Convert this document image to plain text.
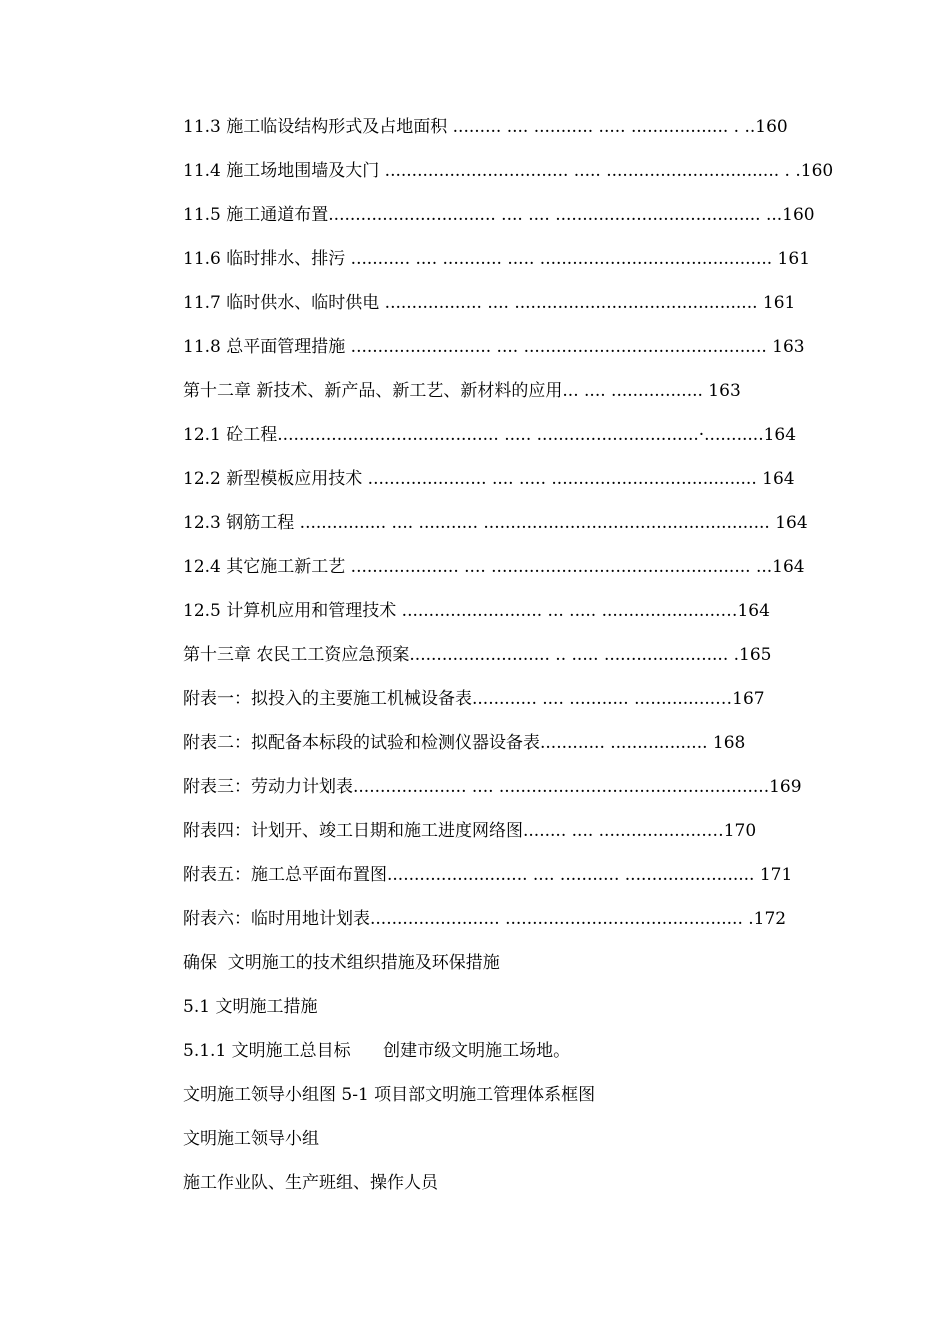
11.3 施工临设结构形式及占地面积 ......... .... ........... ..... .................. . ..160
11.4 施工场地围墙及大门 .................................. ..... ................................ . .160
11.5 施工通道布置............................... .... .... ...................................... ...160
11.6 临时排水、排污 ........... .... ........... ..... ........................................... 161
11.7 临时供水、临时供电 .................. .... ............................................. 161
11.8 总平面管理措施 .......................... .... ............................................. 163
第十二章 新技术、新产品、新工艺、新材料的应用... .... ................. 163
12.1 砼工程......................................... ..... ..............................·...........164
12.2 新型模板应用技术 ...................... .... ..... ...................................... 164
12.3 钢筋工程 ................ .... ........... ..................................................... 164
12.4 其它施工新工艺 .................... .... ................................................ ...164
12.5 计算机应用和管理技术 .......................... ... ..... ......................…164
第十三章 农民工工资应急预案.......................... .. ..... ....................... .165
附表一：拟投入的主要施工机械设备表............ .... ........... ...............…167
附表二：拟配备本标段的试验和检测仪器设备表............ .................. 168
附表三：劳动力计划表..................... .... ..................................................169
附表四：计划开、竣工日期和施工进度网络图........ .... ....................…170
附表五：施工总平面布置图.......................... .... ........... ........................ 171
附表六：临时用地计划表........................ ............................................ .172
确保  文明施工的技术组织措施及环保措施
5.1 文明施工措施
5.1.1 文明施工总目标      创建市级文明施工场地。
文明施工领导小组图 5-1 项目部文明施工管理体系框图
文明施工领导小组
施工作业队、生产班组、操作人员
